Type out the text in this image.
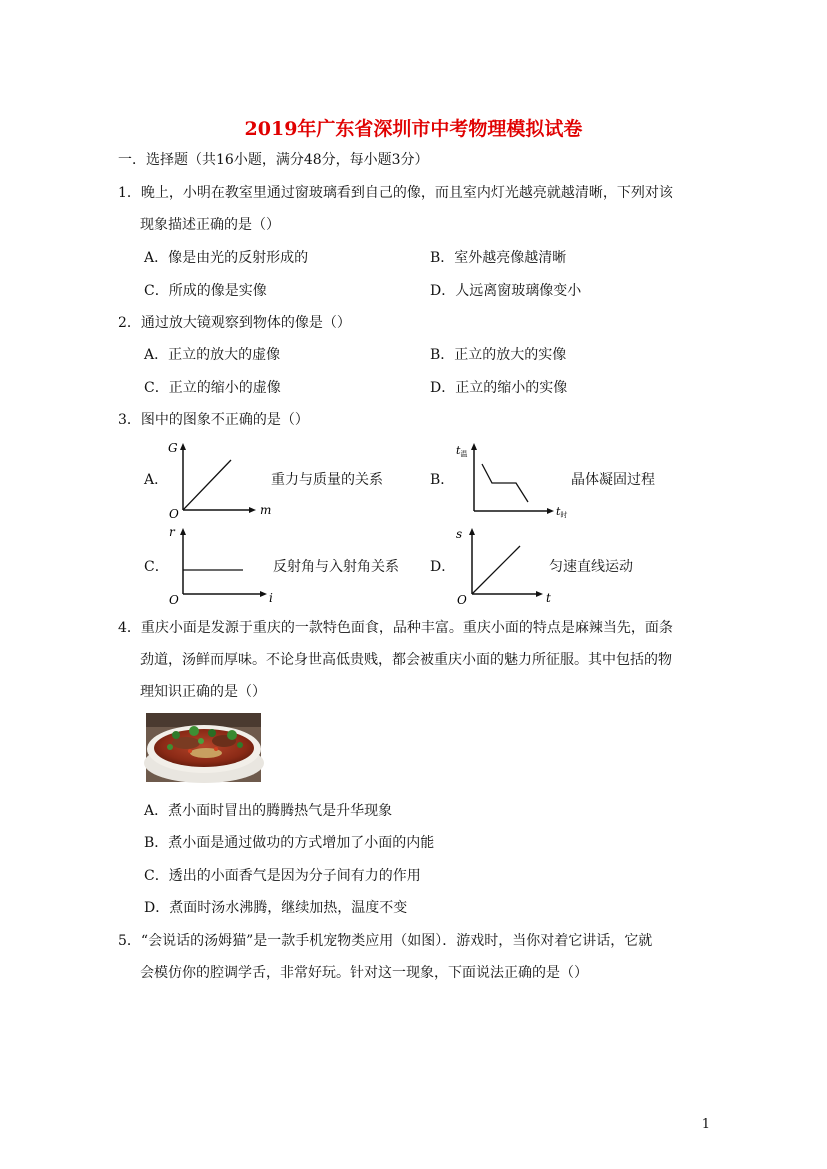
2019年广东省深圳市中考物理模拟试卷
一．选择题（共16小题，满分48分，每小题3分）
1．晚上，小明在教室里通过窗玻璃看到自己的像，而且室内灯光越亮就越清晰，下列对该
现象描述正确的是（）
A．像是由光的反射形成的	B．室外越亮像越清晰
C．所成的像是实像	D．人远离窗玻璃像变小
2．通过放大镜观察到物体的像是（）
A．正立的放大的虚像	B．正立的放大的实像
C．正立的缩小的虚像	D．正立的缩小的实像
3．图中的图象不正确的是（）
A．
G
m
O
重力与质量的关系	B．
t温
t时
晶体凝固过程
C．
r
i
O
反射角与入射角关系 D．
s
t
O
匀速直线运动
4．重庆小面是发源于重庆的一款特色面食，品种丰富。重庆小面的特点是麻辣当先，面条
劲道，汤鲜而厚味。不论身世高低贵贱，都会被重庆小面的魅力所征服。其中包括的物
理知识正确的是（）
A．煮小面时冒出的腾腾热气是升华现象
B．煮小面是通过做功的方式增加了小面的内能
C．透出的小面香气是因为分子间有力的作用
D．煮面时汤水沸腾，继续加热，温度不变
5．“会说话的汤姆猫”是一款手机宠物类应用（如图）．游戏时，当你对着它讲话，它就
会模仿你的腔调学舌，非常好玩。针对这一现象，下面说法正确的是（）
1
